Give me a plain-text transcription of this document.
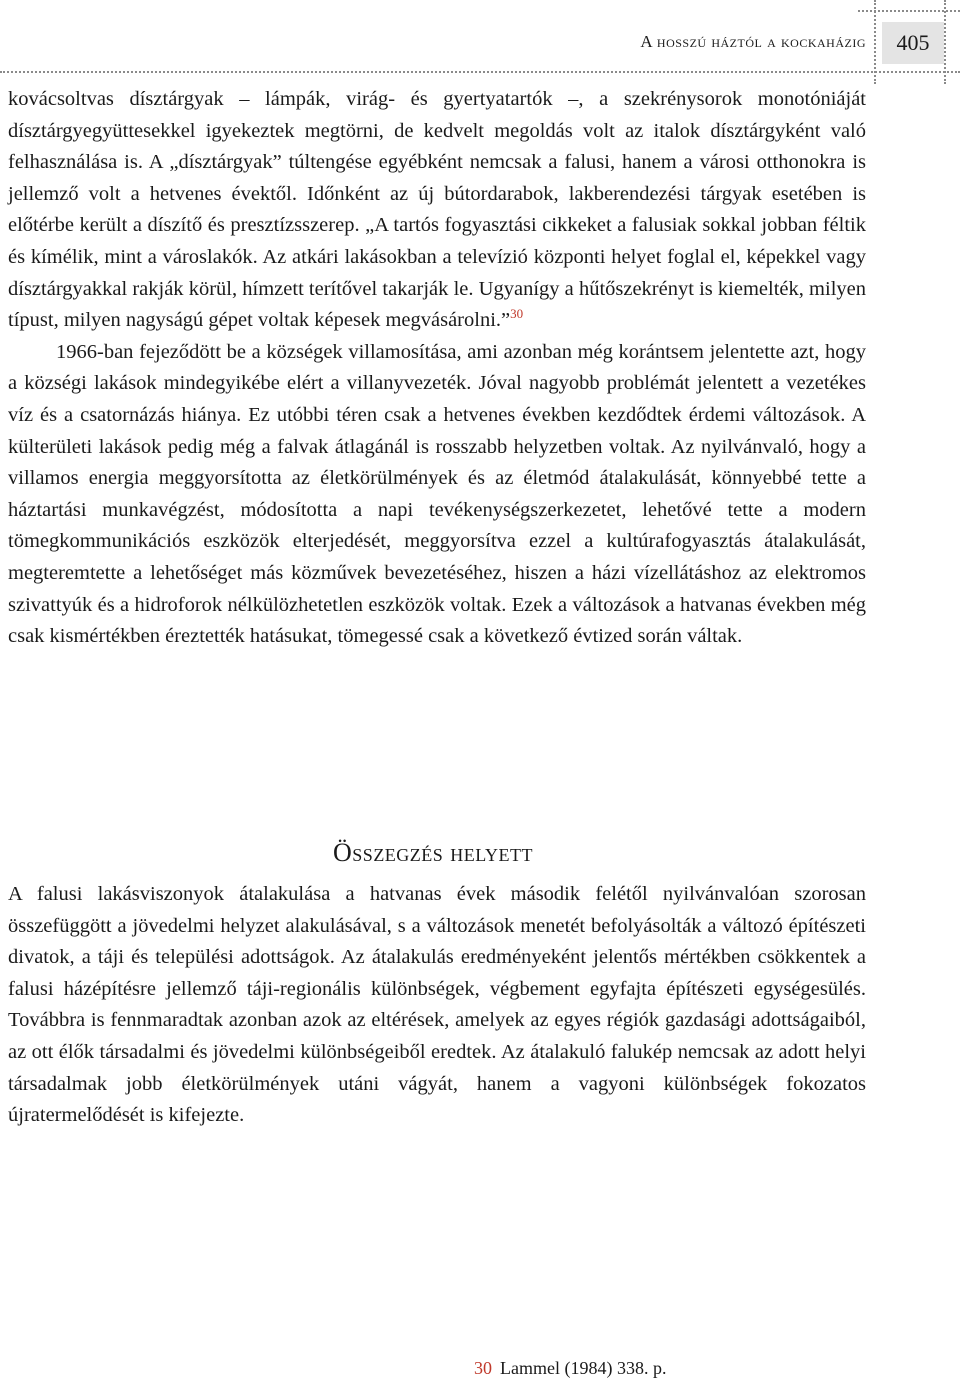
A hosszú háztól a kockaházig	405

kovácsoltvas dísztárgyak – lámpák, virág- és gyertyatartók –, a szekrénysorok monotóniáját dísztárgyegyüttesekkel igyekeztek megtörni, de kedvelt megoldás volt az italok dísztárgyként való felhasználása is. A „dísztárgyak” túltengése egyébként nemcsak a falusi, hanem a városi otthonokra is jellemző volt a hetvenes évektől. Időnként az új bútordarabok, lakberendezési tárgyak esetében is előtérbe került a díszítő és presztízsszerep. „A tartós fogyasztási cikkeket a falusiak sokkal jobban féltik és kímélik, mint a városlakók. Az atkári lakásokban a televízió központi helyet foglal el, képekkel vagy dísztárgyakkal rakják körül, hímzett terítővel takarják le. Ugyanígy a hűtőszekrényt is kiemelték, milyen típust, milyen nagyságú gépet voltak képesek megvásárolni.”$^{30}$

1966-ban fejeződött be a községek villamosítása, ami azonban még korántsem jelentette azt, hogy a községi lakások mindegyikébe elért a villanyvezeték. Jóval nagyobb problémát jelentett a vezetékes víz és a csatornázás hiánya. Ez utóbbi téren csak a hetvenes években kezdődtek érdemi változások. A külterületi lakások pedig még a falvak átlagánál is rosszabb helyzetben voltak. Az nyilvánvaló, hogy a villamos energia meggyorsította az életkörülmények és az életmód átalakulását, könnyebbé tette a háztartási munkavégzést, módosította a napi tevékenységszerkezetet, lehetővé tette a modern tömegkommunikációs eszközök elterjedését, meggyorsítva ezzel a kultúrafogyasztás átalakulását, megteremtette a lehetőséget más közművek bevezetéséhez, hiszen a házi vízellátáshoz az elektromos szivattyúk és a hidroforok nélkülözhetetlen eszközök voltak. Ezek a változások a hatvanas években még csak kismértékben éreztették hatásukat, tömegessé csak a következő évtized során váltak.

Összegzés helyett

A falusi lakásviszonyok átalakulása a hatvanas évek második felétől nyilvánvalóan szorosan összefüggött a jövedelmi helyzet alakulásával, s a változások menetét befolyásolták a változó építészeti divatok, a táji és települési adottságok. Az átalakulás eredményeként jelentős mértékben csökkentek a falusi házépítésre jellemző táji-regionális különbségek, végbement egyfajta építészeti egységesülés. Továbbra is fennmaradtak azonban azok az eltérések, amelyek az egyes régiók gazdasági adottságaiból, az ott élők társadalmi és jövedelmi különbségeiből eredtek. Az átalakuló falukép nemcsak az adott helyi társadalmak jobb életkörülmények utáni vágyát, hanem a vagyoni különbségek fokozatos újratermelődését is kifejezte.

30 Lammel (1984) 338. p.
